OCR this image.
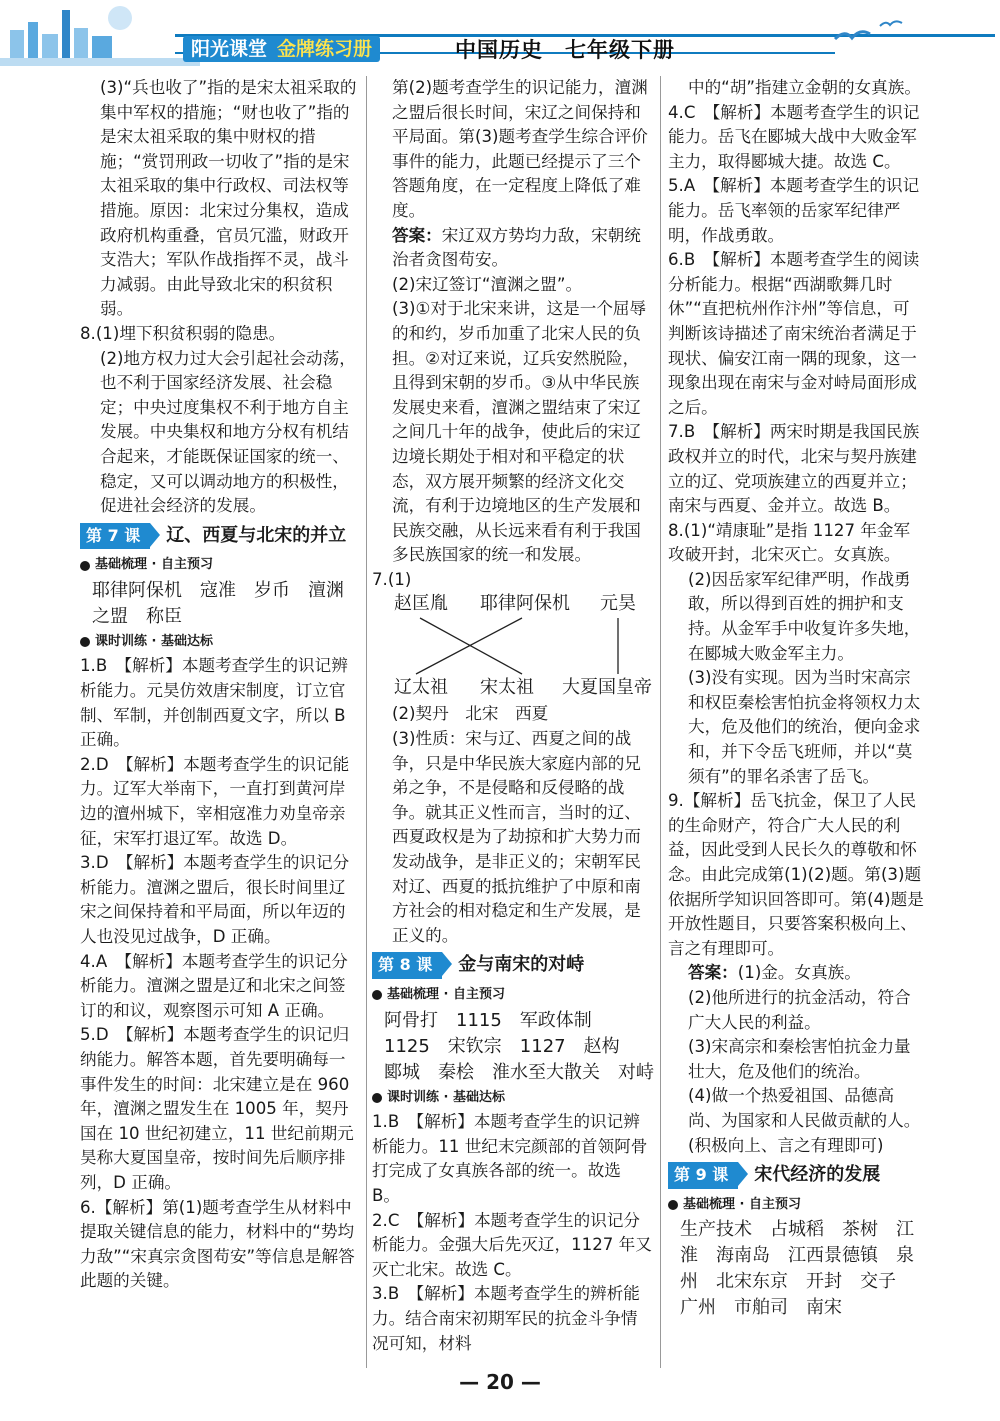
阳光课堂 金牌练习册	中国历史　七年级下册

(3)“兵也收了”指的是宋太祖采取的集中军权的措施；“财也收了”指的是宋太祖采取的集中财权的措施；“赏罚刑政一切收了”指的是宋太祖采取的集中行政权、司法权等措施。原因：北宋过分集权，造成政府机构重叠，官员冗滥，财政开支浩大；军队作战指挥不灵，战斗力减弱。由此导致北宋的积贫积弱。

8.(1)埋下积贫积弱的隐患。

(2)地方权力过大会引起社会动荡，也不利于国家经济发展、社会稳定；中央过度集权不利于地方自主发展。中央集权和地方分权有机结合起来，才能既保证国家的统一、稳定，又可以调动地方的积极性，促进社会经济的发展。

第 7 课	辽、西夏与北宋的并立
基础梳理 · 自主预习

耶律阿保机　寇准　岁币　澶渊之盟　称臣

课时训练 · 基础达标

1.B　【解析】本题考查学生的识记辨析能力。元昊仿效唐宋制度，订立官制、军制，并创制西夏文字，所以 B 正确。

2.D　【解析】本题考查学生的识记能力。辽军大举南下，一直打到黄河岸边的澶州城下，宰相寇准力劝皇帝亲征，宋军打退辽军。故选 D。

3.D　【解析】本题考查学生的识记分析能力。澶渊之盟后，很长时间里辽宋之间保持着和平局面，所以年迈的人也没见过战争，D 正确。

4.A　【解析】本题考查学生的识记分析能力。澶渊之盟是辽和北宋之间签订的和议，观察图示可知 A 正确。

5.D　【解析】本题考查学生的识记归纳能力。解答本题，首先要明确每一事件发生的时间：北宋建立是在 960 年，澶渊之盟发生在 1005 年，契丹国在 10 世纪初建立，11 世纪前期元昊称大夏国皇帝，按时间先后顺序排列，D 正确。

6.【解析】第(1)题考查学生从材料中提取关键信息的能力，材料中的“势均力敌”“宋真宗贪图苟安”等信息是解答此题的关键。

第(2)题考查学生的识记能力，澶渊之盟后很长时间，宋辽之间保持和平局面。第(3)题考查学生综合评价事件的能力，此题已经提示了三个答题角度，在一定程度上降低了难度。

答案：宋辽双方势均力敌，宋朝统治者贪图苟安。

(2)宋辽签订“澶渊之盟”。

(3)①对于北宋来讲，这是一个屈辱的和约，岁币加重了北宋人民的负担。②对辽来说，辽兵安然脱险，且得到宋朝的岁币。③从中华民族发展史来看，澶渊之盟结束了宋辽之间几十年的战争，使此后的宋辽边境长期处于相对和平稳定的状态，双方展开频繁的经济文化交流，有利于边境地区的生产发展和民族交融，从长远来看有利于我国多民族国家的统一和发展。

7.(1)

赵匡胤 耶律阿保机 元昊
辽太祖 宋太祖 大夏国皇帝

(2)契丹　北宋　西夏

(3)性质：宋与辽、西夏之间的战争，只是中华民族大家庭内部的兄弟之争，不是侵略和反侵略的战争。就其正义性而言，当时的辽、西夏政权是为了劫掠和扩大势力而发动战争，是非正义的；宋朝军民对辽、西夏的抵抗维护了中原和南方社会的相对稳定和生产发展，是正义的。

第 8 课	金与南宋的对峙
基础梳理 · 自主预习

阿骨打　1115　军政体制　1125　宋钦宗　1127　赵构　郾城　秦桧　淮水至大散关　对峙

课时训练 · 基础达标

1.B　【解析】本题考查学生的识记辨析能力。11 世纪末完颜部的首领阿骨打完成了女真族各部的统一。故选 B。

2.C　【解析】本题考查学生的识记分析能力。金强大后先灭辽，1127 年又灭亡北宋。故选 C。

3.B　【解析】本题考查学生的辨析能力。结合南宋初期军民的抗金斗争情况可知，材料

中的“胡”指建立金朝的女真族。

4.C　【解析】本题考查学生的识记能力。岳飞在郾城大战中大败金军主力，取得郾城大捷。故选 C。

5.A　【解析】本题考查学生的识记能力。岳飞率领的岳家军纪律严明，作战勇敢。

6.B　【解析】本题考查学生的阅读分析能力。根据“西湖歌舞几时休”“直把杭州作汴州”等信息，可判断该诗描述了南宋统治者满足于现状、偏安江南一隅的现象，这一现象出现在南宋与金对峙局面形成之后。

7.B　【解析】两宋时期是我国民族政权并立的时代，北宋与契丹族建立的辽、党项族建立的西夏并立；南宋与西夏、金并立。故选 B。

8.(1)“靖康耻”是指 1127 年金军攻破开封，北宋灭亡。女真族。

(2)因岳家军纪律严明，作战勇敢，所以得到百姓的拥护和支持。从金军手中收复许多失地，在郾城大败金军主力。

(3)没有实现。因为当时宋高宗和权臣秦桧害怕抗金将领权力太大，危及他们的统治，便向金求和，并下令岳飞班师，并以“莫须有”的罪名杀害了岳飞。

9.【解析】岳飞抗金，保卫了人民的生命财产，符合广大人民的利益，因此受到人民长久的尊敬和怀念。由此完成第(1)(2)题。第(3)题依据所学知识回答即可。第(4)题是开放性题目，只要答案积极向上、言之有理即可。

答案：(1)金。女真族。

(2)他所进行的抗金活动，符合广大人民的利益。

(3)宋高宗和秦桧害怕抗金力量壮大，危及他们的统治。

(4)做一个热爱祖国、品德高尚、为国家和人民做贡献的人。(积极向上、言之有理即可)

第 9 课	宋代经济的发展
基础梳理 · 自主预习

生产技术　占城稻　茶树　江淮　海南岛　江西景德镇　泉州　北宋东京　开封　交子　广州　市舶司　南宋

— 20 —
